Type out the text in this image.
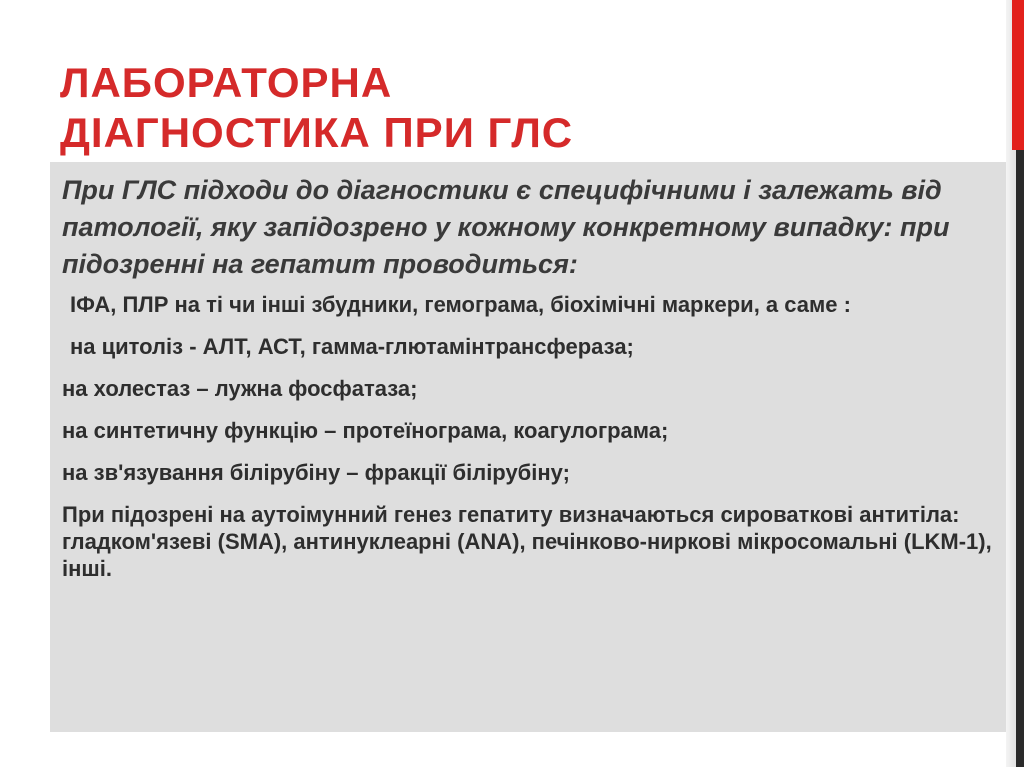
ЛАБОРАТОРНА
ДІАГНОСТИКА ПРИ ГЛС

При ГЛС підходи до діагностики є специфічними і залежать від патології, яку запідозрено у кожному конкретному випадку: при підозренні на гепатит проводиться:

ІФА, ПЛР на ті чи інші збудники, гемограма, біохімічні маркери, а саме :

на цитоліз - АЛТ, АСТ, гамма-глютамінтрансфераза;

на холестаз – лужна фосфатаза;

на синтетичну функцію – протеїнограма, коагулограма;

на зв'язування білірубіну – фракції білірубіну;

При підозрені на аутоімунний генез гепатиту визначаються сироваткові антитіла: гладком'язеві (SMA), антинуклеарні (ANA), печінково-ниркові мікросомальні (LKM-1), інші.
